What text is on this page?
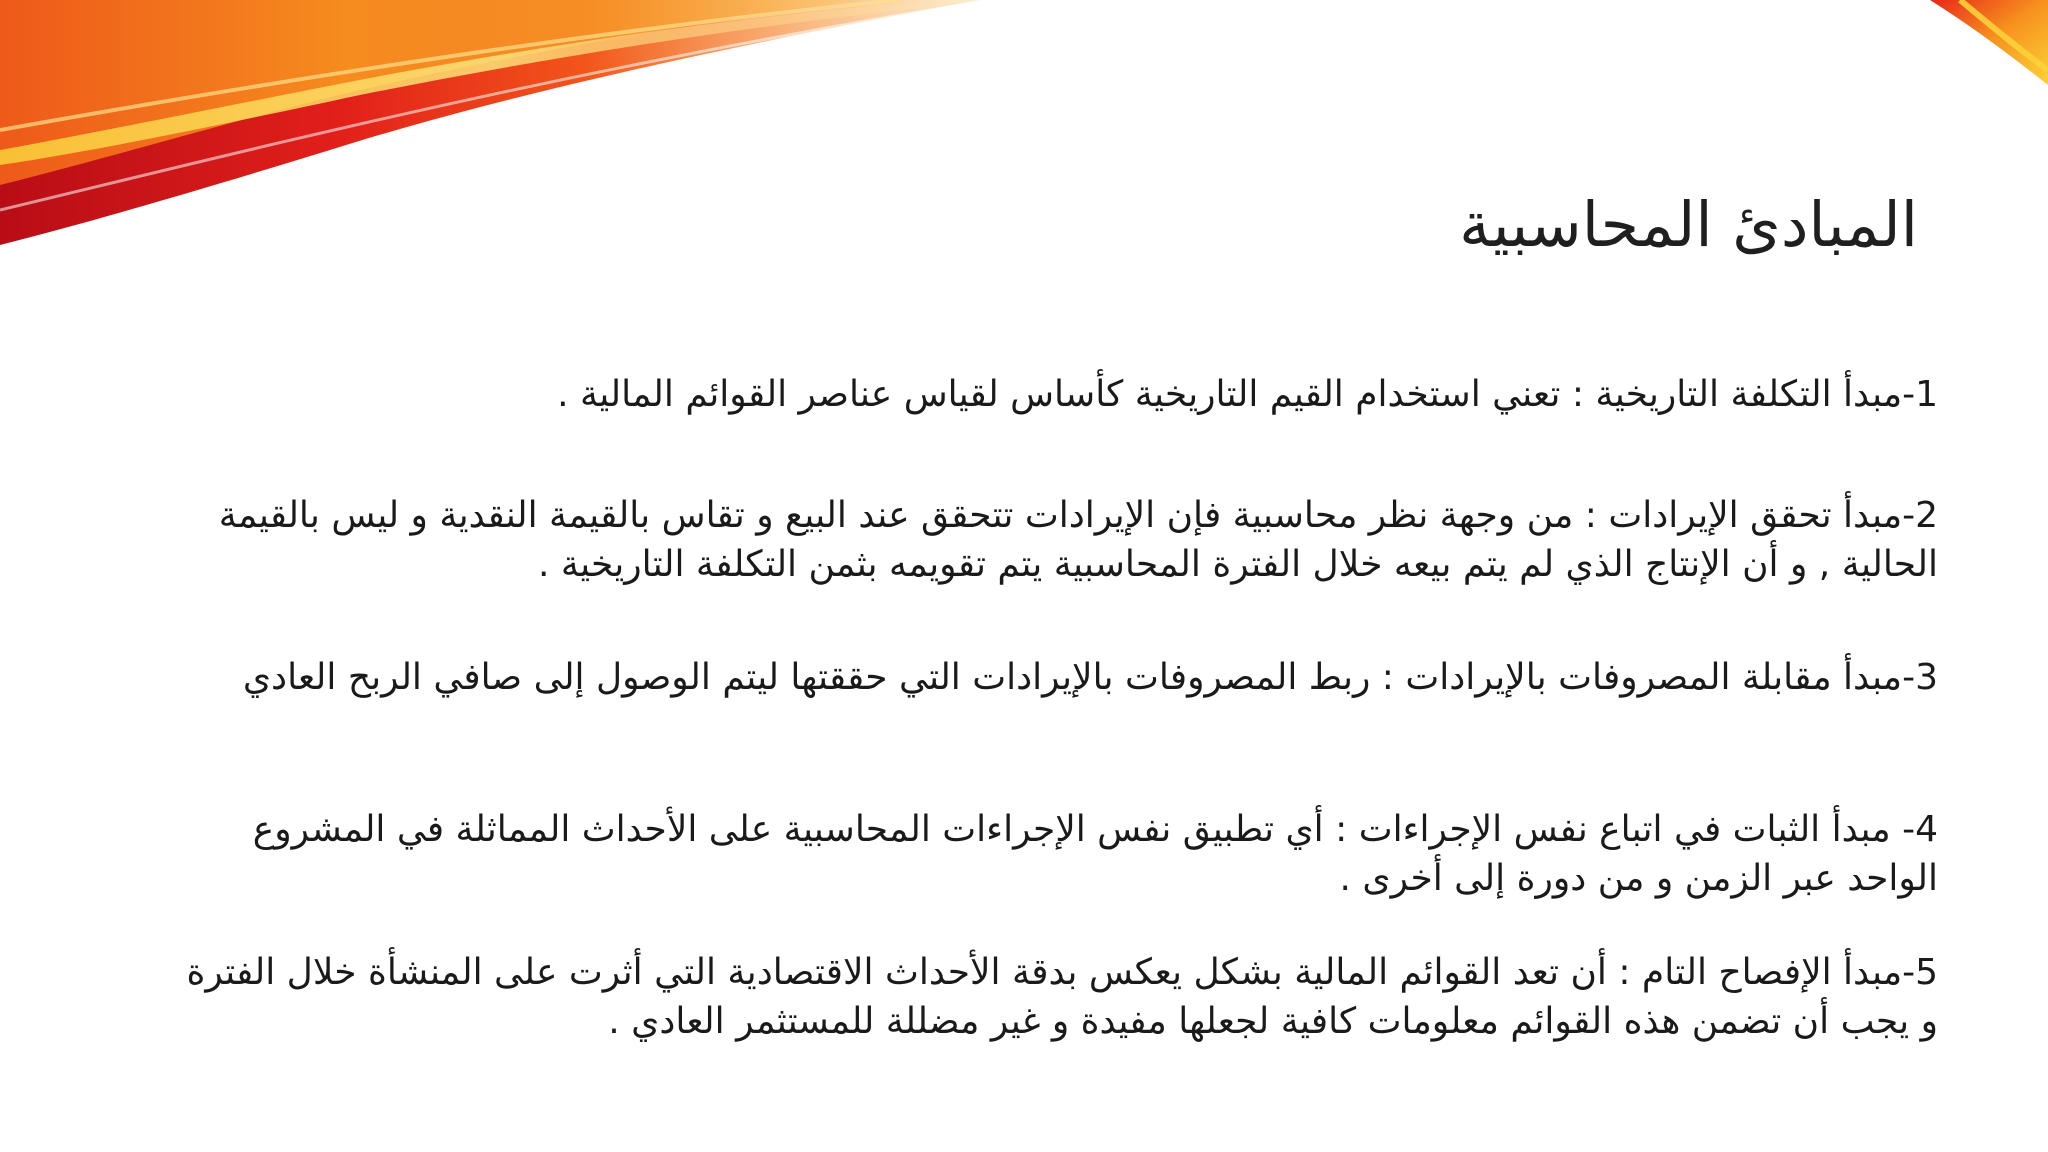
المبادئ المحاسبية

1-مبدأ التكلفة التاريخية : تعني استخدام القيم التاريخية كأساس لقياس عناصر القوائم المالية .

2-مبدأ تحقق الإيرادات : من وجهة نظر محاسبية فإن الإيرادات تتحقق عند البيع و تقاس بالقيمة النقدية و ليس بالقيمة الحالية , و أن الإنتاج الذي لم يتم بيعه خلال الفترة المحاسبية يتم تقويمه بثمن التكلفة التاريخية .

3-مبدأ مقابلة المصروفات بالإيرادات : ربط المصروفات بالإيرادات التي حققتها ليتم الوصول إلى صافي الربح العادي

4- مبدأ الثبات في اتباع نفس الإجراءات : أي تطبيق نفس الإجراءات المحاسبية على الأحداث المماثلة في المشروع الواحد عبر الزمن و من دورة إلى أخرى .

5-مبدأ الإفصاح التام : أن تعد القوائم المالية بشكل يعكس بدقة الأحداث الاقتصادية التي أثرت على المنشأة خلال الفترة و يجب أن تضمن هذه القوائم معلومات كافية لجعلها مفيدة و غير مضللة للمستثمر العادي .
